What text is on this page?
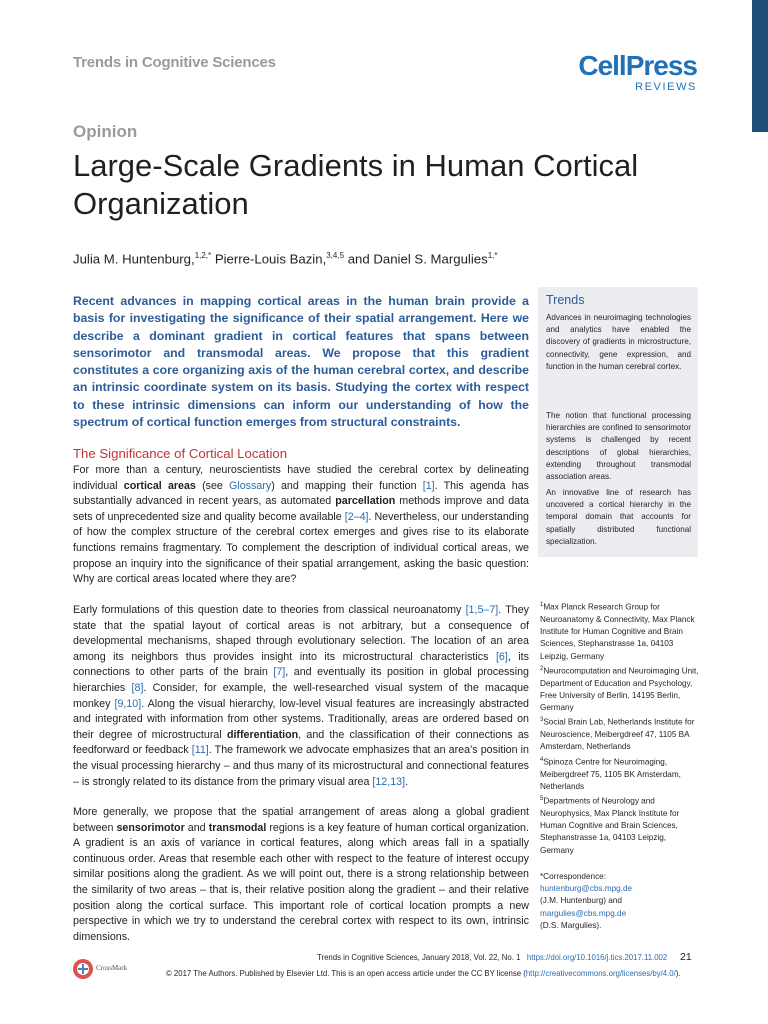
Trends in Cognitive Sciences	CellPress
REVIEWS
Opinion
Large-Scale Gradients in Human Cortical Organization
Julia M. Huntenburg,$^{1,2,*}$ Pierre-Louis Bazin,$^{3,4,5}$ and Daniel S. Margulies$^{1,*}$
Recent advances in mapping cortical areas in the human brain provide a basis for investigating the significance of their spatial arrangement. Here we describe a dominant gradient in cortical features that spans between sensorimotor and transmodal areas. We propose that this gradient constitutes a core organizing axis of the human cerebral cortex, and describe an intrinsic coordinate system on its basis. Studying the cortex with respect to these intrinsic dimensions can inform our understanding of how the spectrum of cortical function emerges from structural constraints.
The Significance of Cortical Location
For more than a century, neuroscientists have studied the cerebral cortex by delineating individual cortical areas (see Glossary) and mapping their function [1]. This agenda has substantially advanced in recent years, as automated parcellation methods improve and data sets of unprecedented size and quality become available [2–4]. Nevertheless, our understanding of how the complex structure of the cerebral cortex emerges and gives rise to its elaborate functions remains fragmentary. To complement the description of individual cortical areas, we propose an inquiry into the significance of their spatial arrangement, asking the basic question: Why are cortical areas located where they are?
Early formulations of this question date to theories from classical neuroanatomy [1,5–7]. They state that the spatial layout of cortical areas is not arbitrary, but a consequence of developmental mechanisms, shaped through evolutionary selection. The location of an area among its neighbors thus provides insight into its microstructural characteristics [6], its connections to other parts of the brain [7], and eventually its position in global processing hierarchies [8]. Consider, for example, the well-researched visual system of the macaque monkey [9,10]. Along the visual hierarchy, low-level visual features are increasingly abstracted and integrated with information from other systems. Traditionally, areas are ordered based on their degree of microstructural differentiation, and the classification of their connections as feedforward or feedback [11]. The framework we advocate emphasizes that an area’s position in the visual processing hierarchy – and thus many of its microstructural and connectional features – is strongly related to its distance from the primary visual area [12,13].
More generally, we propose that the spatial arrangement of areas along a global gradient between sensorimotor and transmodal regions is a key feature of human cortical organization. A gradient is an axis of variance in cortical features, along which areas fall in a spatially continuous order. Areas that resemble each other with respect to the feature of interest occupy similar positions along the gradient. As we will point out, there is a strong relationship between the similarity of two areas – that is, their relative position along the gradient – and their relative position along the cortical surface. This important role of cortical location prompts a new perspective in which we try to understand the cerebral cortex with respect to its own, intrinsic dimensions.
Trends
Advances in neuroimaging technologies and analytics have enabled the discovery of gradients in microstructure, connectivity, gene expression, and function in the human cerebral cortex.
The notion that functional processing hierarchies are confined to sensorimotor systems is challenged by recent descriptions of global hierarchies, extending throughout transmodal association areas.
An innovative line of research has uncovered a cortical hierarchy in the temporal domain that accounts for spatially distributed functional specialization.
$^1$Max Planck Research Group for Neuroanatomy & Connectivity, Max Planck Institute for Human Cognitive and Brain Sciences, Stephanstrasse 1a, 04103 Leipzig, Germany
$^2$Neurocomputation and Neuroimaging Unit, Department of Education and Psychology, Free University of Berlin, 14195 Berlin, Germany
$^3$Social Brain Lab, Netherlands Institute for Neuroscience, Meibergdreef 47, 1105 BA Amsterdam, Netherlands
$^4$Spinoza Centre for Neuroimaging, Meibergdreef 75, 1105 BK Amsterdam, Netherlands
$^5$Departments of Neurology and Neurophysics, Max Planck Institute for Human Cognitive and Brain Sciences, Stephanstrasse 1a, 04103 Leipzig, Germany
*Correspondence:
huntenburg@cbs.mpg.de
(J.M. Huntenburg) and
margulies@cbs.mpg.de
(D.S. Margulies).
CrossMark
Trends in Cognitive Sciences, January 2018, Vol. 22, No. 1 https://doi.org/10.1016/j.tics.2017.11.002 21
© 2017 The Authors. Published by Elsevier Ltd. This is an open access article under the CC BY license (http://creativecommons.org/licenses/by/4.0/).
